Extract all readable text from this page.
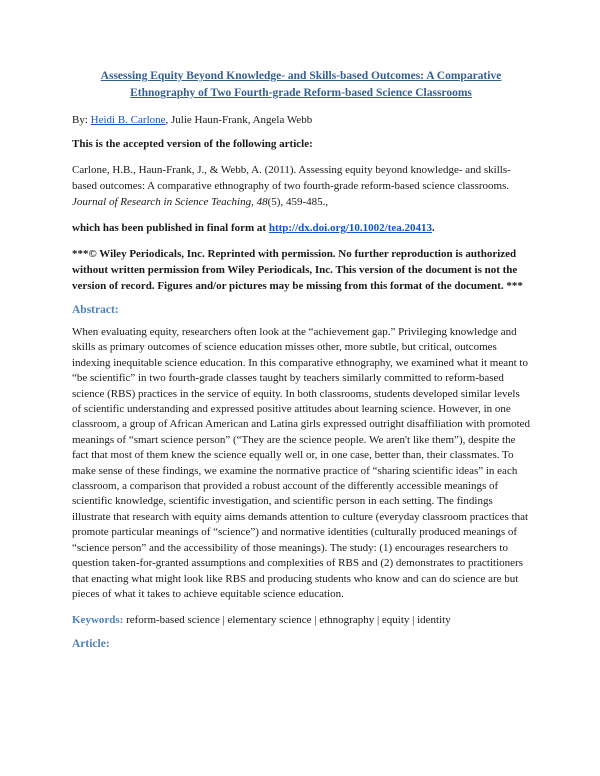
Assessing Equity Beyond Knowledge- and Skills-based Outcomes: A Comparative
Ethnography of Two Fourth-grade Reform-based Science Classrooms

By: Heidi B. Carlone, Julie Haun-Frank, Angela Webb

This is the accepted version of the following article:

Carlone, H.B., Haun-Frank, J., & Webb, A. (2011). Assessing equity beyond knowledge- and skills-based outcomes: A comparative ethnography of two fourth-grade reform-based science classrooms. Journal of Research in Science Teaching, 48(5), 459-485.,

which has been published in final form at http://dx.doi.org/10.1002/tea.20413.

***© Wiley Periodicals, Inc. Reprinted with permission. No further reproduction is authorized without written permission from Wiley Periodicals, Inc. This version of the document is not the version of record. Figures and/or pictures may be missing from this format of the document. ***

Abstract:

When evaluating equity, researchers often look at the “achievement gap.” Privileging knowledge and skills as primary outcomes of science education misses other, more subtle, but critical, outcomes indexing inequitable science education. In this comparative ethnography, we examined what it meant to “be scientific” in two fourth-grade classes taught by teachers similarly committed to reform-based science (RBS) practices in the service of equity. In both classrooms, students developed similar levels of scientific understanding and expressed positive attitudes about learning science. However, in one classroom, a group of African American and Latina girls expressed outright disaffiliation with promoted meanings of “smart science person” (“They are the science people. We aren't like them”), despite the fact that most of them knew the science equally well or, in one case, better than, their classmates. To make sense of these findings, we examine the normative practice of “sharing scientific ideas” in each classroom, a comparison that provided a robust account of the differently accessible meanings of scientific knowledge, scientific investigation, and scientific person in each setting. The findings illustrate that research with equity aims demands attention to culture (everyday classroom practices that promote particular meanings of “science”) and normative identities (culturally produced meanings of “science person” and the accessibility of those meanings). The study: (1) encourages researchers to question taken-for-granted assumptions and complexities of RBS and (2) demonstrates to practitioners that enacting what might look like RBS and producing students who know and can do science are but pieces of what it takes to achieve equitable science education.

Keywords: reform-based science | elementary science | ethnography | equity | identity

Article:
